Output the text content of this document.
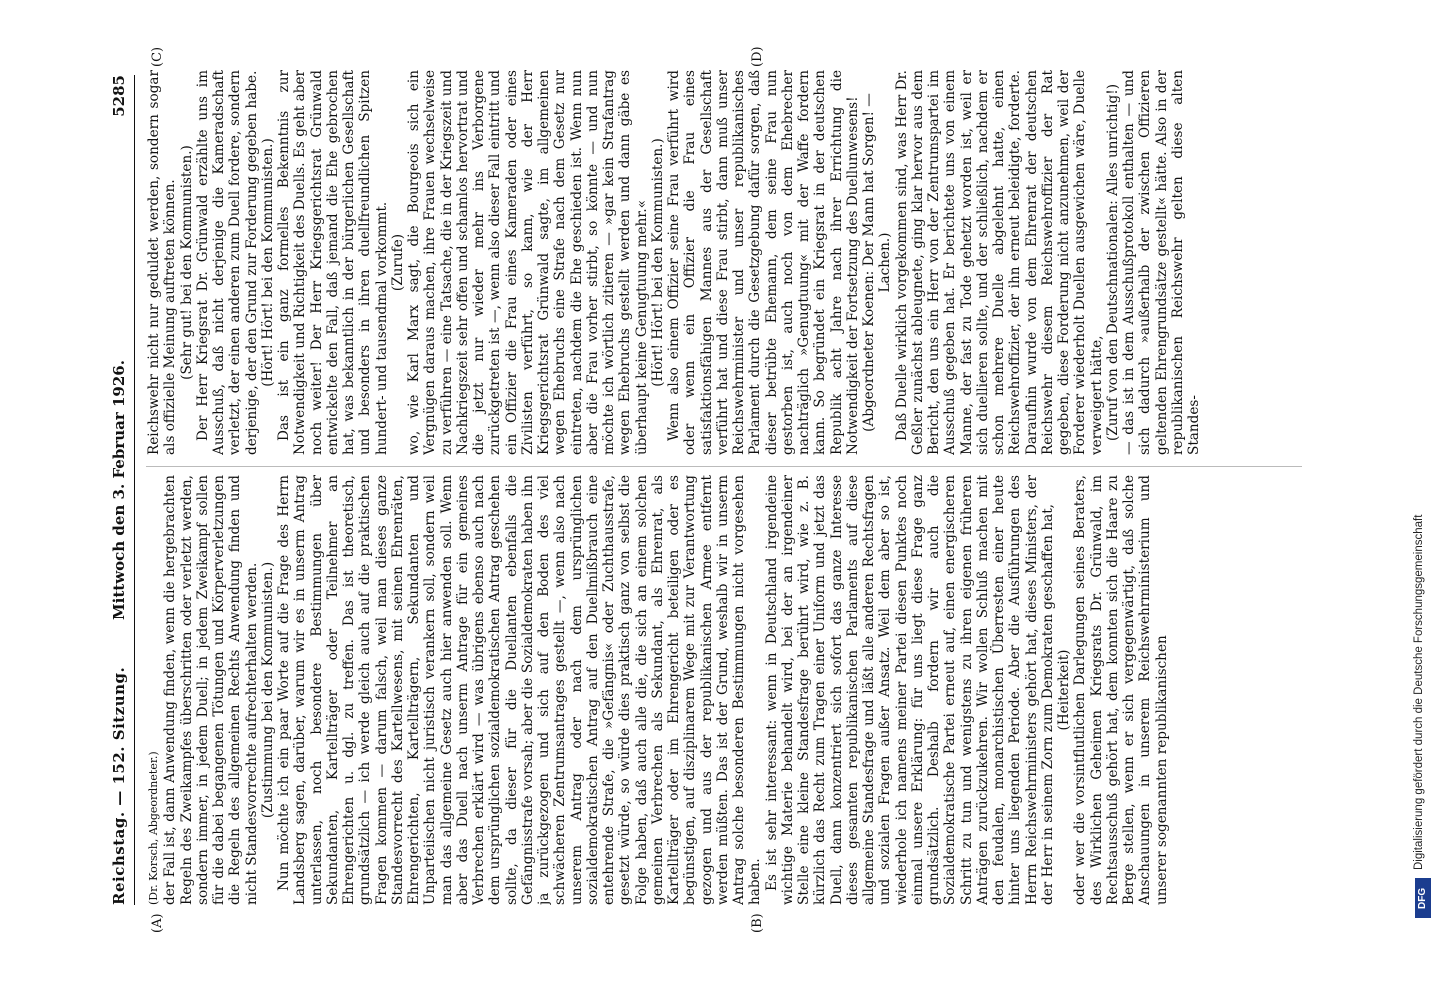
Reichstag. — 152. Sitzung.
Mittwoch den 3. Februar 1926.
5285
(A)	(B)
(C)	(D)

(Dr. Korsch, Abgeordneter.) der Fall ist, dann Anwendung finden, wenn die hergebrachten Regeln des Zweikampfes überschritten oder verletzt werden, sondern immer, in jedem Duell; in jedem Zweikampf sollen für die dabei begangenen Tötungen und Körperverletzungen die Regeln des allgemeinen Rechts Anwendung finden und nicht Standesvorrechte aufrechterhalten werden. (Zustimmung bei den Kommunisten.) Nun möchte ich ein paar Worte auf die Frage des Herrn Landsberg sagen, darüber, warum wir es in unserm Antrag unterlassen, noch besondere Bestimmungen über Sekundanten, Kartellträger oder Teilnehmer an Ehrengerichten u. dgl. zu treffen. Das ist theoretisch, grundsätzlich — ich werde gleich auch auf die praktischen Fragen kommen — darum falsch, weil man dieses ganze Standesvorrecht des Kartellwesens, mit seinen Ehrenräten, Ehrengerichten, Kartellträgern, Sekundanten und Unparteiischen nicht juristisch verankern soll, sondern weil man das allgemeine Gesetz auch hier anwenden soll. Wenn aber das Duell nach unserm Antrage für ein gemeines Verbrechen erklärt wird — was übrigens ebenso auch nach dem ursprünglichen sozialdemokratischen Antrag geschehen sollte, da dieser für die Duellanten ebenfalls die Gefängnisstrafe vorsah; aber die Sozialdemokraten haben ihn ja zurückgezogen und sich auf den Boden des viel schwächeren Zentrumsantrages gestellt —, wenn also nach unserem Antrag oder nach dem ursprünglichen sozialdemokratischen Antrag auf den Duellmißbrauch eine entehrende Strafe, die »Gefängnis« oder Zuchthausstrafe, gesetzt würde, so würde dies praktisch ganz von selbst die Folge haben, daß auch alle die, die sich an einem solchen gemeinen Verbrechen als Sekundant, als Ehrenrat, als Kartellträger oder im Ehrengericht beteiligen oder es begünstigen, auf disziplinarem Wege mit zur Verantwortung gezogen und aus der republikanischen Armee entfernt werden müßten. Das ist der Grund, weshalb wir in unserm Antrag solche besonderen Bestimmungen nicht vorgesehen haben. Es ist sehr interessant: wenn in Deutschland irgendeine wichtige Materie behandelt wird, bei der an irgendeiner Stelle eine kleine Standesfrage berührt wird, wie z. B. kürzlich das Recht zum Tragen einer Uniform und jetzt das Duell, dann konzentriert sich sofort das ganze Interesse dieses gesamten republikanischen Parlaments auf diese allgemeine Standesfrage und läßt alle anderen Rechtsfragen und sozialen Fragen außer Ansatz. Weil dem aber so ist, wiederhole ich namens meiner Partei diesen Punktes noch einmal unsere Erklärung: für uns liegt diese Frage ganz grundsätzlich. Deshalb fordern wir auch die Sozialdemokratische Partei erneut auf, einen energischeren Schritt zu tun und wenigstens zu ihren eigenen früheren Anträgen zurückzukehren. Wir wollen Schluß machen mit den feudalen, monarchistischen Überresten einer heute hinter uns liegenden Periode. Aber die Ausführungen des Herrn Reichswehrministers gehört hat, dieses Ministers, der der Herr in seinem Zorn zum Demokraten geschaffen hat, (Heiterkeit) oder wer die vorsintflutlichen Darlegungen seines Beraters, des Wirklichen Geheimen Kriegsrats Dr. Grünwald, im Rechtsausschuß gehört hat, dem konnten sich die Haare zu Berge stellen, wenn er sich vergegenwärtigt, daß solche Anschauungen in unserem Reichswehrministerium und unserer sogenannten republikanischen

Reichswehr nicht nur geduldet werden, sondern sogar als offizielle Meinung auftreten können. (Sehr gut! bei den Kommunisten.) Der Herr Kriegsrat Dr. Grünwald erzählte uns im Ausschuß, daß nicht derjenige die Kameradschaft verletzt, der einen anderen zum Duell fordere, sondern derjenige, der den Grund zur Forderung gegeben habe. (Hört! Hört! bei den Kommunisten.) Das ist ein ganz formelles Bekenntnis zur Notwendigkeit und Richtigkeit des Duells. Es geht aber noch weiter! Der Herr Kriegsgerichtsrat Grünwald entwickelte den Fall, daß jemand die Ehe gebrochen hat, was bekanntlich in der bürgerlichen Gesellschaft und besonders in ihren duellfreundlichen Spitzen hundert- und tausendmal vorkommt. (Zurufe) wo, wie Karl Marx sagt, die Bourgeois sich ein Vergnügen daraus machen, ihre Frauen wechselweise zu verführen — eine Tatsache, die in der Kriegszeit und Nachkriegszeit sehr offen und schamlos hervortrat und die jetzt nur wieder mehr ins Verborgene zurückgetreten ist —, wenn also dieser Fall eintritt und ein Offizier die Frau eines Kameraden oder eines Zivilisten verführt, so kann, wie der Herr Kriegsgerichtsrat Grünwald sagte, im allgemeinen wegen Ehebruchs eine Strafe nach dem Gesetz nur eintreten, nachdem die Ehe geschieden ist. Wenn nun aber die Frau vorher stirbt, so könnte — und nun möchte ich wörtlich zitieren — »gar kein Strafantrag wegen Ehebruchs gestellt werden und dann gäbe es überhaupt keine Genugtuung mehr.« (Hört! Hört! bei den Kommunisten.) Wenn also einem Offizier seine Frau verführt wird oder wenn ein Offizier die Frau eines satisfaktionsfähigen Mannes aus der Gesellschaft verführt hat und diese Frau stirbt, dann muß unser Reichswehrminister und unser republikanisches Parlament durch die Gesetzgebung dafür sorgen, daß dieser betrübte Ehemann, dem seine Frau nun gestorben ist, auch noch von dem Ehebrecher nachträglich »Genugtuung« mit der Waffe fordern kann. So begründet ein Kriegsrat in der deutschen Republik acht Jahre nach ihrer Errichtung die Notwendigkeit der Fortsetzung des Duellunwesens! (Abgeordneter Koenen: Der Mann hat Sorgen! — Lachen.) Daß Duelle wirklich vorgekommen sind, was Herr Dr. Geßler zunächst ableugnete, ging klar hervor aus dem Bericht, den uns ein Herr von der Zentrumspartei im Ausschuß gegeben hat. Er berichtete uns von einem Manne, der fast zu Tode gehetzt worden ist, weil er sich duellieren sollte, und der schließlich, nachdem er schon mehrere Duelle abgelehnt hatte, einen Reichswehroffizier, der ihn erneut beleidigte, forderte. Daraufhin wurde von dem Ehrenrat der deutschen Reichswehr diesem Reichswehroffizier der Rat gegeben, diese Forderung nicht anzunehmen, weil der Forderer wiederholt Duellen ausgewichen wäre, Duelle verweigert hätte, (Zuruf von den Deutschnationalen: Alles unrichtig!) — das ist in dem Ausschußprotokoll enthalten — und sich dadurch »außerhalb der zwischen Offizieren geltenden Ehrengrundsätze gestellt« hätte. Also in der republikanischen Reichswehr gelten diese alten Standes-

Digitalisierung gefördert durch die Deutsche Forschungsgemeinschaft
DFG
